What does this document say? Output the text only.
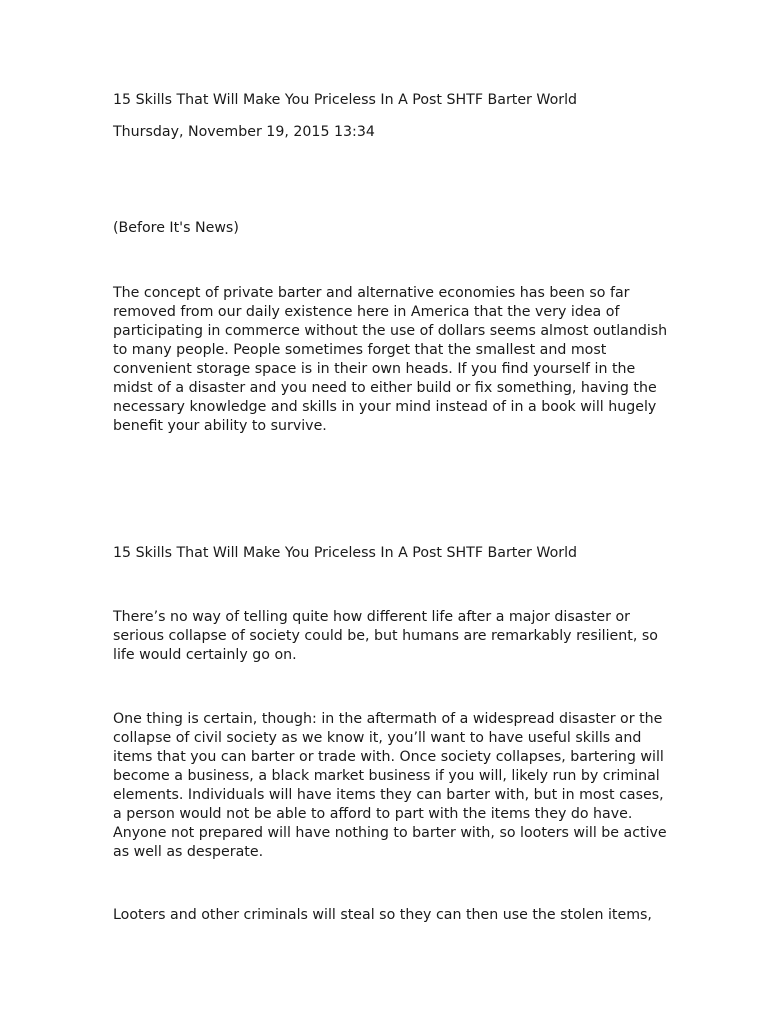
15 Skills That Will Make You Priceless In A Post SHTF Barter World
Thursday, November 19, 2015 13:34
(Before It's News)
The concept of private barter and alternative economies has been so far
removed from our daily existence here in America that the very idea of
participating in commerce without the use of dollars seems almost outlandish
to many people. People sometimes forget that the smallest and most
convenient storage space is in their own heads. If you find yourself in the
midst of a disaster and you need to either build or fix something, having the
necessary knowledge and skills in your mind instead of in a book will hugely
benefit your ability to survive.
15 Skills That Will Make You Priceless In A Post SHTF Barter World
There’s no way of telling quite how different life after a major disaster or
serious collapse of society could be, but humans are remarkably resilient, so
life would certainly go on.
One thing is certain, though: in the aftermath of a widespread disaster or the
collapse of civil society as we know it, you’ll want to have useful skills and
items that you can barter or trade with. Once society collapses, bartering will
become a business, a black market business if you will, likely run by criminal
elements. Individuals will have items they can barter with, but in most cases,
a person would not be able to afford to part with the items they do have.
Anyone not prepared will have nothing to barter with, so looters will be active
as well as desperate.
Looters and other criminals will steal so they can then use the stolen items,
